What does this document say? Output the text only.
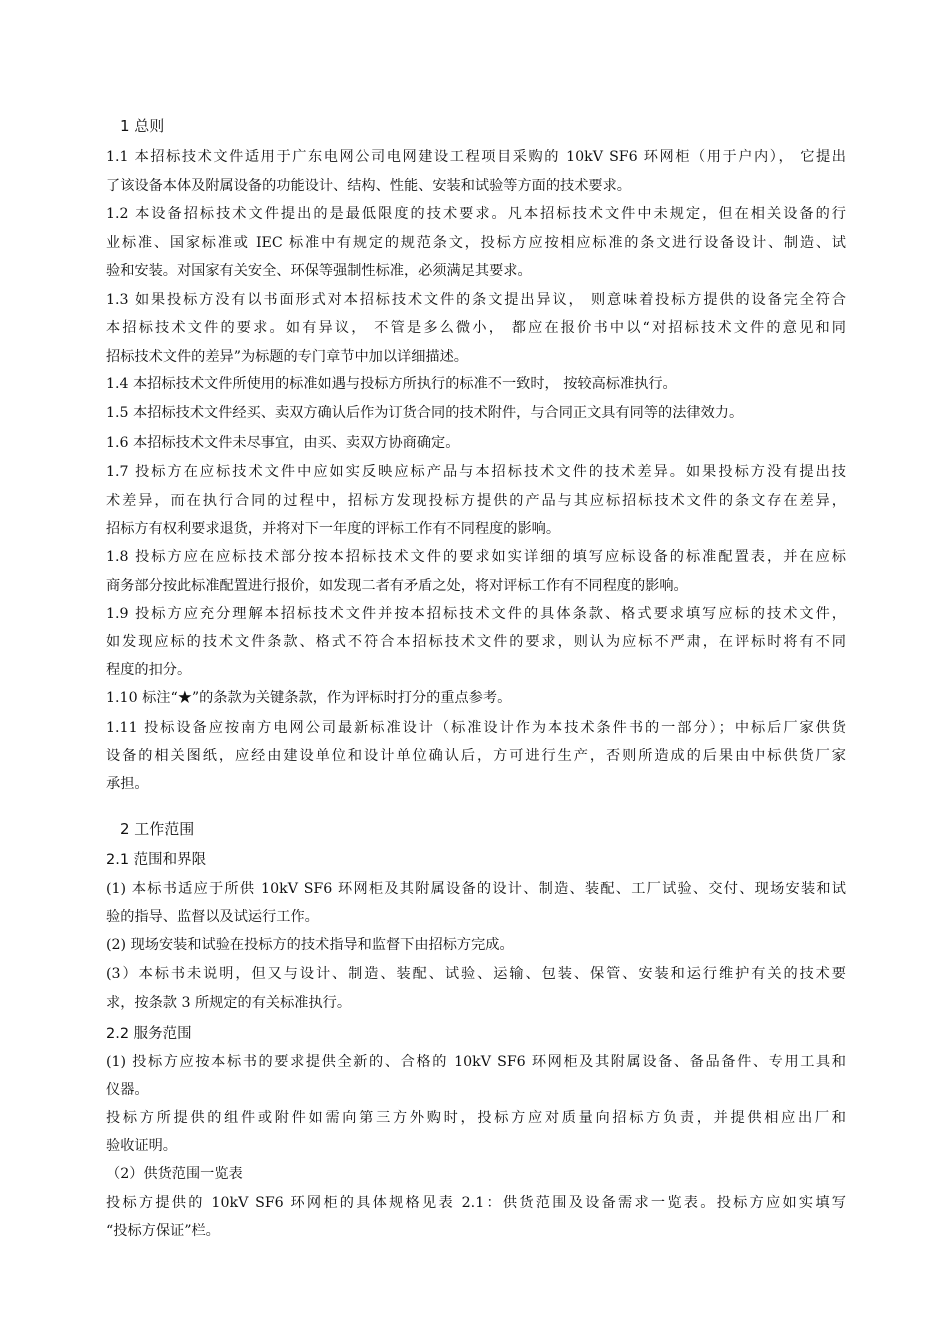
1 总则
1.1 本招标技术文件适用于广东电网公司电网建设工程项目采购的 10kV SF6 环网柜（用于户内）， 它提出
了该设备本体及附属设备的功能设计、结构、性能、安装和试验等方面的技术要求。
1.2 本设备招标技术文件提出的是最低限度的技术要求。凡本招标技术文件中未规定，但在相关设备的行
业标准、国家标准或 IEC 标准中有规定的规范条文，投标方应按相应标准的条文进行设备设计、制造、试
验和安装。对国家有关安全、环保等强制性标准，必须满足其要求。
1.3 如果投标方没有以书面形式对本招标技术文件的条文提出异议， 则意味着投标方提供的设备完全符合
本招标技术文件的要求。如有异议， 不管是多么微小， 都应在报价书中以“对招标技术文件的意见和同
招标技术文件的差异”为标题的专门章节中加以详细描述。
1.4 本招标技术文件所使用的标准如遇与投标方所执行的标准不一致时， 按较高标准执行。
1.5 本招标技术文件经买、卖双方确认后作为订货合同的技术附件，与合同正文具有同等的法律效力。
1.6 本招标技术文件未尽事宜，由买、卖双方协商确定。
1.7 投标方在应标技术文件中应如实反映应标产品与本招标技术文件的技术差异。如果投标方没有提出技
术差异，而在执行合同的过程中，招标方发现投标方提供的产品与其应标招标技术文件的条文存在差异，
招标方有权利要求退货，并将对下一年度的评标工作有不同程度的影响。
1.8 投标方应在应标技术部分按本招标技术文件的要求如实详细的填写应标设备的标准配置表，并在应标
商务部分按此标准配置进行报价，如发现二者有矛盾之处，将对评标工作有不同程度的影响。
1.9 投标方应充分理解本招标技术文件并按本招标技术文件的具体条款、格式要求填写应标的技术文件，
如发现应标的技术文件条款、格式不符合本招标技术文件的要求，则认为应标不严肃，在评标时将有不同
程度的扣分。
1.10 标注“★”的条款为关键条款，作为评标时打分的重点参考。
1.11 投标设备应按南方电网公司最新标准设计（标准设计作为本技术条件书的一部分）；中标后厂家供货
设备的相关图纸，应经由建设单位和设计单位确认后，方可进行生产，否则所造成的后果由中标供货厂家
承担。
2 工作范围
2.1 范围和界限
(1) 本标书适应于所供 10kV SF6 环网柜及其附属设备的设计、制造、装配、工厂试验、交付、现场安装和试
验的指导、监督以及试运行工作。
(2) 现场安装和试验在投标方的技术指导和监督下由招标方完成。
(3）本标书未说明，但又与设计、制造、装配、试验、运输、包装、保管、安装和运行维护有关的技术要
求，按条款 3 所规定的有关标准执行。
2.2 服务范围
(1) 投标方应按本标书的要求提供全新的、合格的 10kV SF6 环网柜及其附属设备、备品备件、专用工具和
仪器。
投标方所提供的组件或附件如需向第三方外购时，投标方应对质量向招标方负责，并提供相应出厂和
验收证明。
（2）供货范围一览表
投标方提供的 10kV SF6 环网柜的具体规格见表 2.1：供货范围及设备需求一览表。投标方应如实填写
“投标方保证”栏。
